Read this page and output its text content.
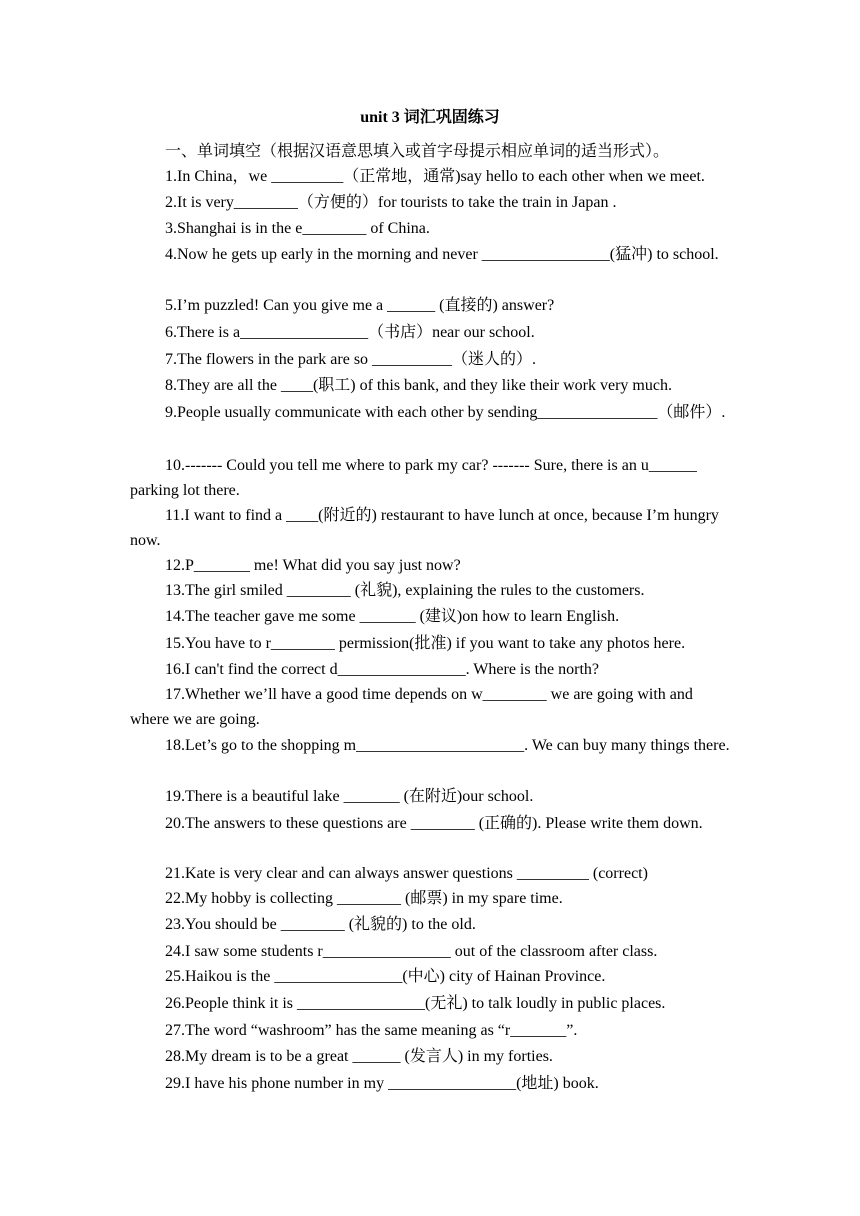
unit 3 词汇巩固练习
一、单词填空（根据汉语意思填入或首字母提示相应单词的适当形式）。
1.In China，we _________（正常地，通常)say hello to each other when we meet.
2.It is very________（方便的）for tourists to take the train in Japan .
3.Shanghai is in the e________ of China.
4.Now he gets up early in the morning and never ________________(猛冲) to school.
5.I’m puzzled! Can you give me a ______ (直接的) answer?
6.There is a________________（书店）near our school.
7.The flowers in the park are so __________（迷人的）.
8.They are all the ____(职工) of this bank, and they like their work very much.
9.People usually communicate with each other by sending_______________（邮件）.
10.------- Could you tell me where to park my car? ------- Sure, there is an u______ parking lot there.
11.I want to find a ____(附近的) restaurant to have lunch at once, because I’m hungry now.
12.P_______ me! What did you say just now?
13.The girl smiled ________ (礼貌), explaining the rules to the customers.
14.The teacher gave me some _______ (建议)on how to learn English.
15.You have to r________ permission(批准) if you want to take any photos here.
16.I can't find the correct d________________. Where is the north?
17.Whether we’ll have a good time depends on w________ we are going with and where we are going.
18.Let’s go to the shopping m_____________________. We can buy many things there.
19.There is a beautiful lake _______ (在附近)our school.
20.The answers to these questions are ________ (正确的). Please write them down.
21.Kate is very clear and can always answer questions _________ (correct)
22.My hobby is collecting ________ (邮票) in my spare time.
23.You should be ________ (礼貌的) to the old.
24.I saw some students r________________ out of the classroom after class.
25.Haikou is the ________________(中心) city of Hainan Province.
26.People think it is ________________(无礼) to talk loudly in public places.
27.The word “washroom” has the same meaning as “r_______”.
28.My dream is to be a great ______ (发言人) in my forties.
29.I have his phone number in my ________________(地址) book.
